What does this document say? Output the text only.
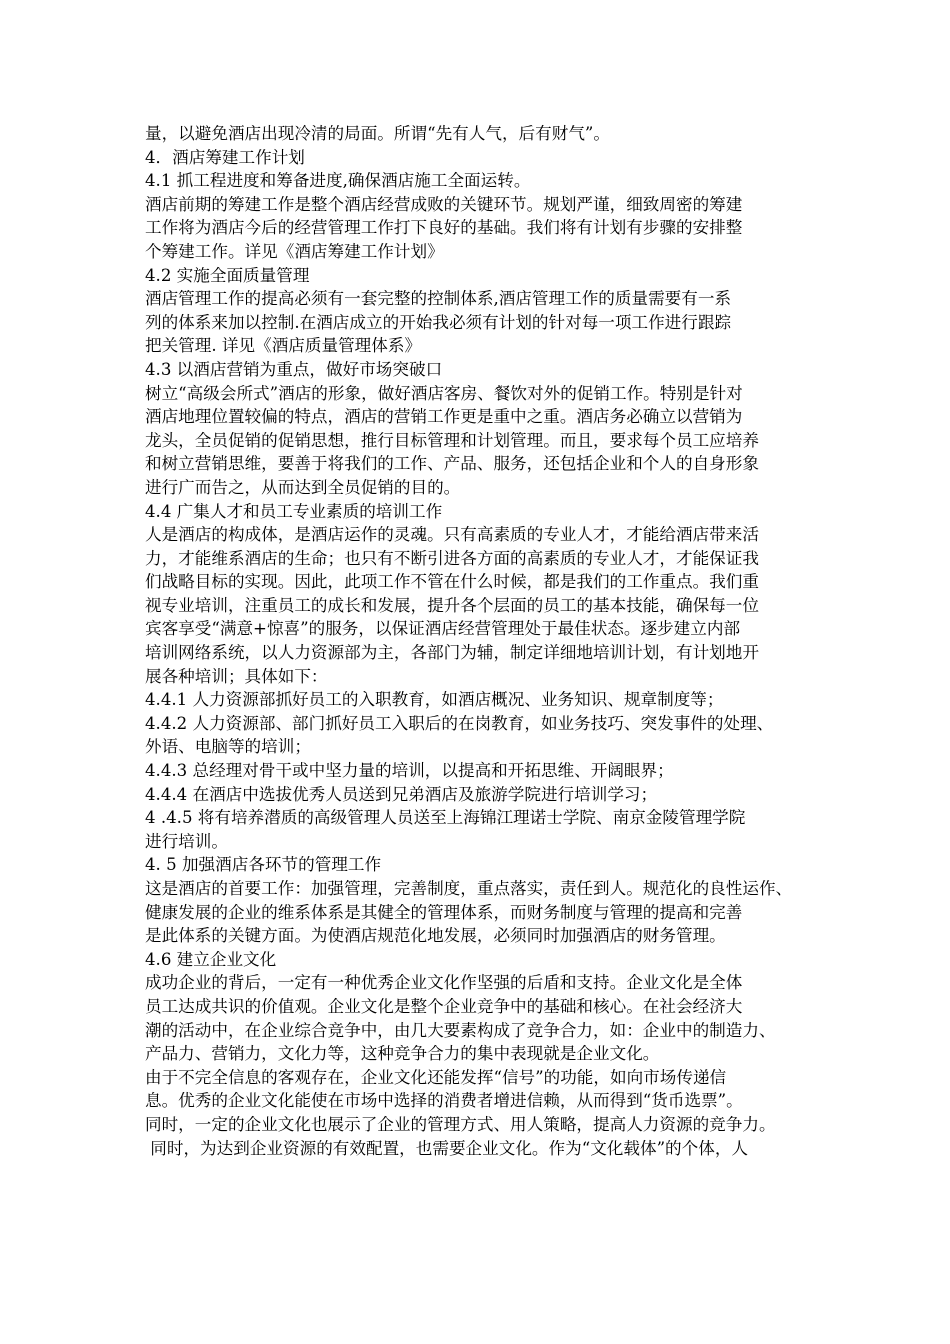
量，以避免酒店出现冷清的局面。所谓“先有人气，后有财气”。

4．酒店筹建工作计划

4.1 抓工程进度和筹备进度,确保酒店施工全面运转。

酒店前期的筹建工作是整个酒店经营成败的关键环节。规划严谨，细致周密的筹建

工作将为酒店今后的经营管理工作打下良好的基础。我们将有计划有步骤的安排整

个筹建工作。详见《酒店筹建工作计划》

4.2 实施全面质量管理

酒店管理工作的提高必须有一套完整的控制体系,酒店管理工作的质量需要有一系

列的体系来加以控制.在酒店成立的开始我必须有计划的针对每一项工作进行跟踪

把关管理. 详见《酒店质量管理体系》

4.3 以酒店营销为重点，做好市场突破口

树立“高级会所式”酒店的形象，做好酒店客房、餐饮对外的促销工作。特别是针对

酒店地理位置较偏的特点，酒店的营销工作更是重中之重。酒店务必确立以营销为

龙头，全员促销的促销思想，推行目标管理和计划管理。而且，要求每个员工应培养

和树立营销思维，要善于将我们的工作、产品、服务，还包括企业和个人的自身形象

进行广而告之，从而达到全员促销的目的。

4.4 广集人才和员工专业素质的培训工作

人是酒店的构成体，是酒店运作的灵魂。只有高素质的专业人才，才能给酒店带来活

力，才能维系酒店的生命；也只有不断引进各方面的高素质的专业人才，才能保证我

们战略目标的实现。因此，此项工作不管在什么时候，都是我们的工作重点。我们重

视专业培训，注重员工的成长和发展，提升各个层面的员工的基本技能，确保每一位

宾客享受“满意+惊喜”的服务，以保证酒店经营管理处于最佳状态。逐步建立内部

培训网络系统，以人力资源部为主，各部门为辅，制定详细地培训计划，有计划地开

展各种培训；具体如下：

4.4.1 人力资源部抓好员工的入职教育，如酒店概况、业务知识、规章制度等；

4.4.2 人力资源部、部门抓好员工入职后的在岗教育，如业务技巧、突发事件的处理、

外语、电脑等的培训；

4.4.3 总经理对骨干或中坚力量的培训，以提高和开拓思维、开阔眼界；

4.4.4 在酒店中选拔优秀人员送到兄弟酒店及旅游学院进行培训学习；

4 .4.5 将有培养潜质的高级管理人员送至上海锦江理诺士学院、南京金陵管理学院

进行培训。

4. 5 加强酒店各环节的管理工作

这是酒店的首要工作：加强管理，完善制度，重点落实，责任到人。规范化的良性运作、

健康发展的企业的维系体系是其健全的管理体系，而财务制度与管理的提高和完善

是此体系的关键方面。为使酒店规范化地发展，必须同时加强酒店的财务管理。

4.6 建立企业文化

成功企业的背后，一定有一种优秀企业文化作坚强的后盾和支持。企业文化是全体

员工达成共识的价值观。企业文化是整个企业竞争中的基础和核心。在社会经济大

潮的活动中，在企业综合竞争中，由几大要素构成了竞争合力，如：企业中的制造力、

产品力、营销力，文化力等，这种竞争合力的集中表现就是企业文化。

由于不完全信息的客观存在，企业文化还能发挥“信号”的功能，如向市场传递信

息。优秀的企业文化能使在市场中选择的消费者增进信赖，从而得到“货币选票”。

同时，一定的企业文化也展示了企业的管理方式、用人策略，提高人力资源的竞争力。

同时，为达到企业资源的有效配置，也需要企业文化。作为“文化载体”的个体，人
